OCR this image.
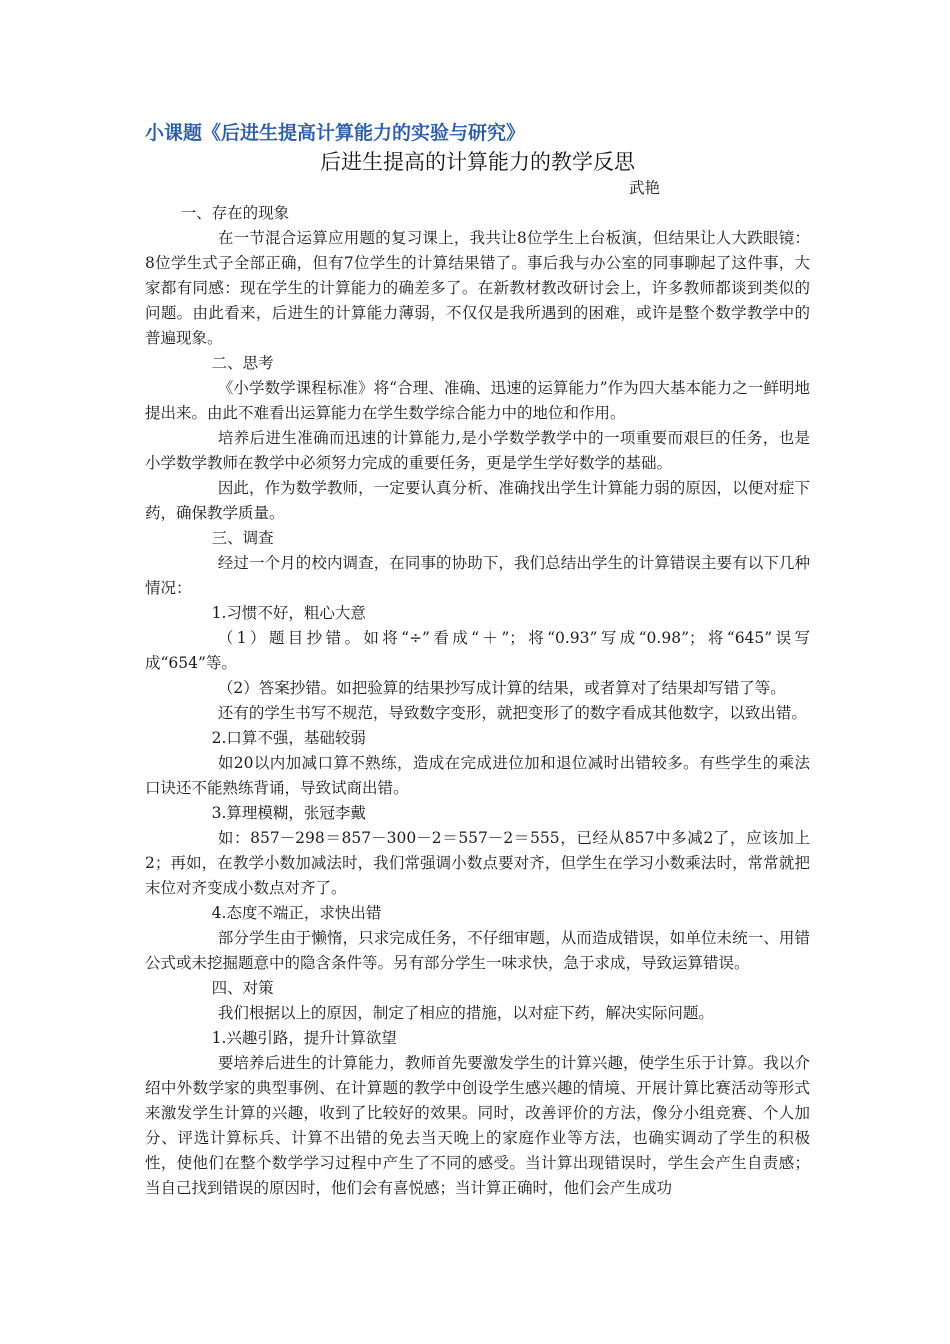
小课题《后进生提高计算能力的实验与研究》

后进生提高的计算能力的教学反思

武艳

一、存在的现象

在一节混合运算应用题的复习课上，我共让8位学生上台板演，但结果让人大跌眼镜：8位学生式子全部正确，但有7位学生的计算结果错了。事后我与办公室的同事聊起了这件事，大家都有同感：现在学生的计算能力的确差多了。在新教材教改研讨会上，许多教师都谈到类似的问题。由此看来，后进生的计算能力薄弱，不仅仅是我所遇到的困难，或许是整个数学教学中的普遍现象。

二、思考

《小学数学课程标准》将“合理、准确、迅速的运算能力”作为四大基本能力之一鲜明地提出来。由此不难看出运算能力在学生数学综合能力中的地位和作用。

培养后进生准确而迅速的计算能力,是小学数学教学中的一项重要而艰巨的任务，也是小学数学教师在教学中必须努力完成的重要任务，更是学生学好数学的基础。

因此，作为数学教师，一定要认真分析、准确找出学生计算能力弱的原因，以便对症下药，确保教学质量。

三、调查

经过一个月的校内调查，在同事的协助下，我们总结出学生的计算错误主要有以下几种情况：

1.习惯不好，粗心大意

（1）题目抄错。如将“÷”看成“＋”；将“0.93”写成“0.98”；将“645”误写成“654”等。

（2）答案抄错。如把验算的结果抄写成计算的结果，或者算对了结果却写错了等。

还有的学生书写不规范，导致数字变形，就把变形了的数字看成其他数字，以致出错。

2.口算不强，基础较弱

如20以内加减口算不熟练，造成在完成进位加和退位减时出错较多。有些学生的乘法口诀还不能熟练背诵，导致试商出错。

3.算理模糊，张冠李戴

如：857－298＝857－300－2＝557－2＝555，已经从857中多减2了，应该加上2；再如，在教学小数加减法时，我们常强调小数点要对齐，但学生在学习小数乘法时，常常就把末位对齐变成小数点对齐了。

4.态度不端正，求快出错

部分学生由于懒惰，只求完成任务，不仔细审题，从而造成错误，如单位未统一、用错公式或未挖掘题意中的隐含条件等。另有部分学生一味求快，急于求成，导致运算错误。

四、对策

我们根据以上的原因，制定了相应的措施，以对症下药，解决实际问题。

1.兴趣引路，提升计算欲望

要培养后进生的计算能力，教师首先要激发学生的计算兴趣，使学生乐于计算。我以介绍中外数学家的典型事例、在计算题的教学中创设学生感兴趣的情境、开展计算比赛活动等形式来激发学生计算的兴趣，收到了比较好的效果。同时，改善评价的方法，像分小组竞赛、个人加分、评选计算标兵、计算不出错的免去当天晚上的家庭作业等方法，也确实调动了学生的积极性，使他们在整个数学学习过程中产生了不同的感受。当计算出现错误时，学生会产生自责感；当自己找到错误的原因时，他们会有喜悦感；当计算正确时，他们会产生成功
